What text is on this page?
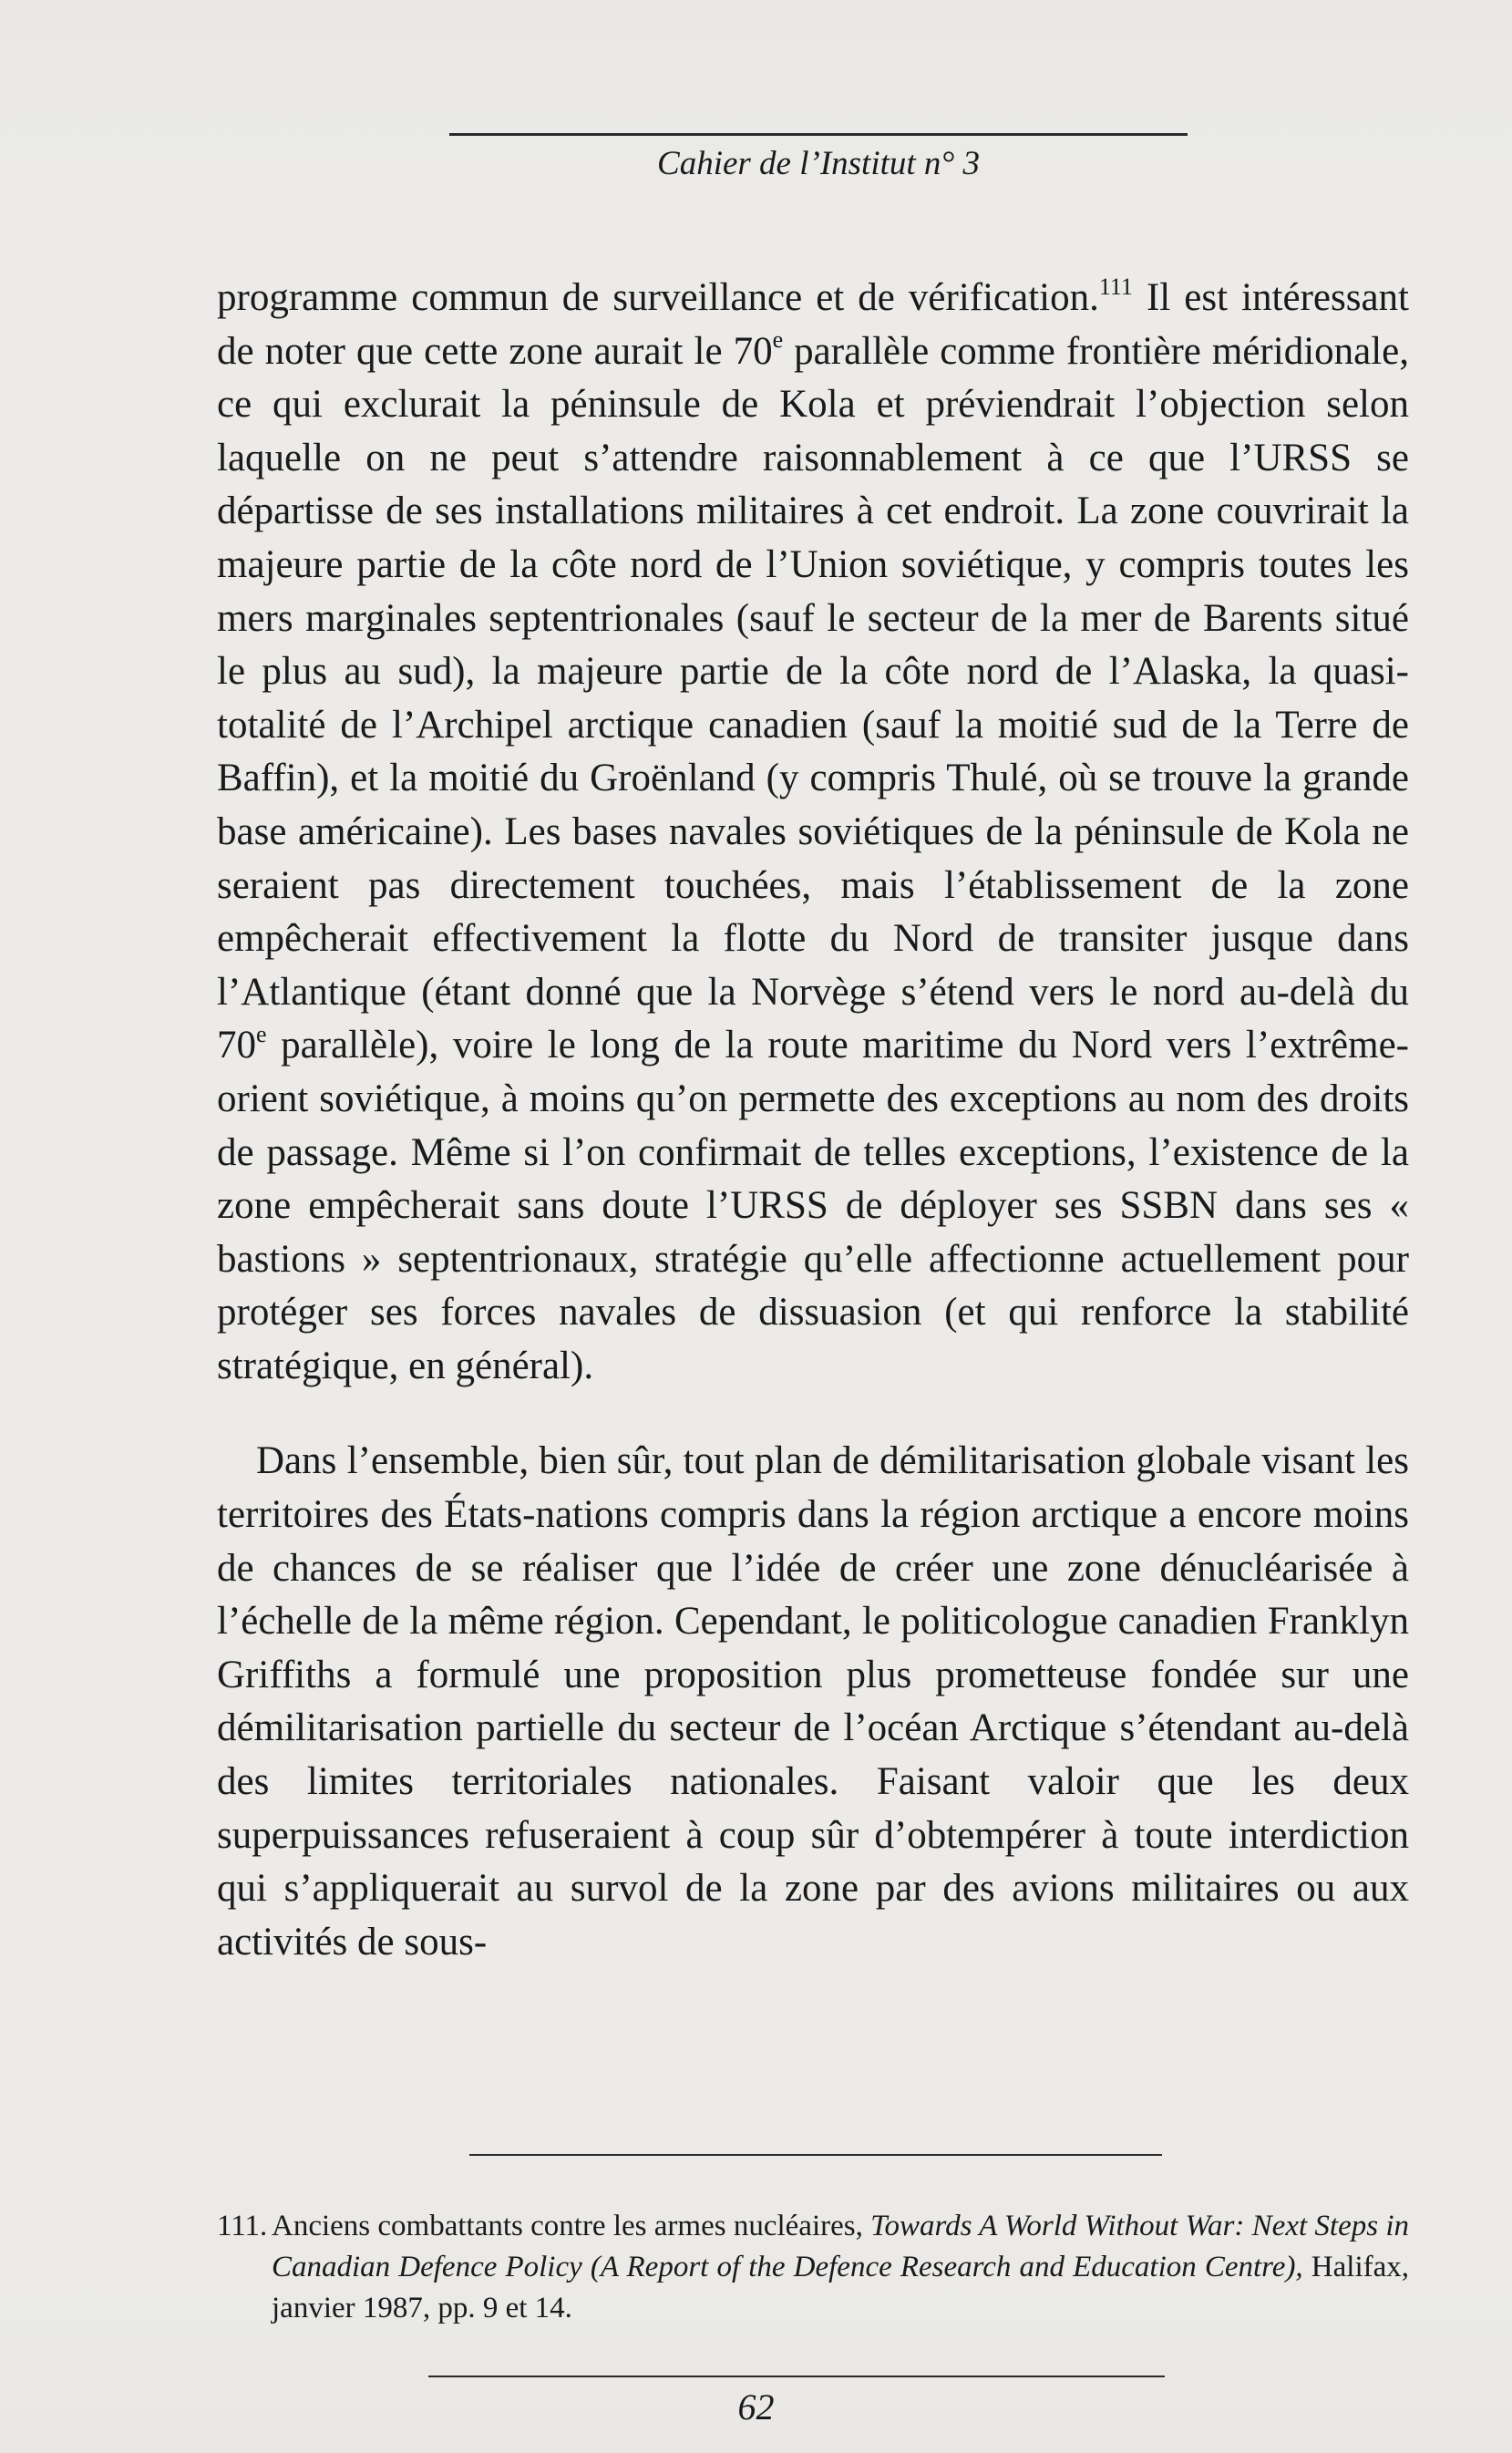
Cahier de l’Institut n° 3

programme commun de surveillance et de vérification.$^{111}$ Il est intéressant de noter que cette zone aurait le 70e parallèle comme frontière méridionale, ce qui exclurait la péninsule de Kola et préviendrait l’objection selon laquelle on ne peut s’attendre raisonnablement à ce que l’URSS se départisse de ses installations militaires à cet endroit. La zone couvrirait la majeure partie de la côte nord de l’Union soviétique, y compris toutes les mers marginales septentrionales (sauf le secteur de la mer de Barents situé le plus au sud), la majeure partie de la côte nord de l’Alaska, la quasi-totalité de l’Archipel arctique canadien (sauf la moitié sud de la Terre de Baffin), et la moitié du Groënland (y compris Thulé, où se trouve la grande base américaine). Les bases navales soviétiques de la péninsule de Kola ne seraient pas directement touchées, mais l’établissement de la zone empêcherait effectivement la flotte du Nord de transiter jusque dans l’Atlantique (étant donné que la Norvège s’étend vers le nord au-delà du 70e parallèle), voire le long de la route maritime du Nord vers l’extrême-orient soviétique, à moins qu’on permette des exceptions au nom des droits de passage. Même si l’on confirmait de telles exceptions, l’existence de la zone empêcherait sans doute l’URSS de déployer ses SSBN dans ses « bastions » septentrionaux, stratégie qu’elle affectionne actuellement pour protéger ses forces navales de dissuasion (et qui renforce la stabilité stratégique, en général).

Dans l’ensemble, bien sûr, tout plan de démilitarisation globale visant les territoires des États-nations compris dans la région arctique a encore moins de chances de se réaliser que l’idée de créer une zone dénucléarisée à l’échelle de la même région. Cependant, le politicologue canadien Franklyn Griffiths a formulé une proposition plus prometteuse fondée sur une démilitarisation partielle du secteur de l’océan Arctique s’étendant au-delà des limites territoriales nationales. Faisant valoir que les deux superpuissances refuseraient à coup sûr d’obtempérer à toute interdiction qui s’appliquerait au survol de la zone par des avions militaires ou aux activités de sous-

111. Anciens combattants contre les armes nucléaires, Towards A World Without War: Next Steps in Canadian Defence Policy (A Report of the Defence Research and Education Centre), Halifax, janvier 1987, pp. 9 et 14.
62
